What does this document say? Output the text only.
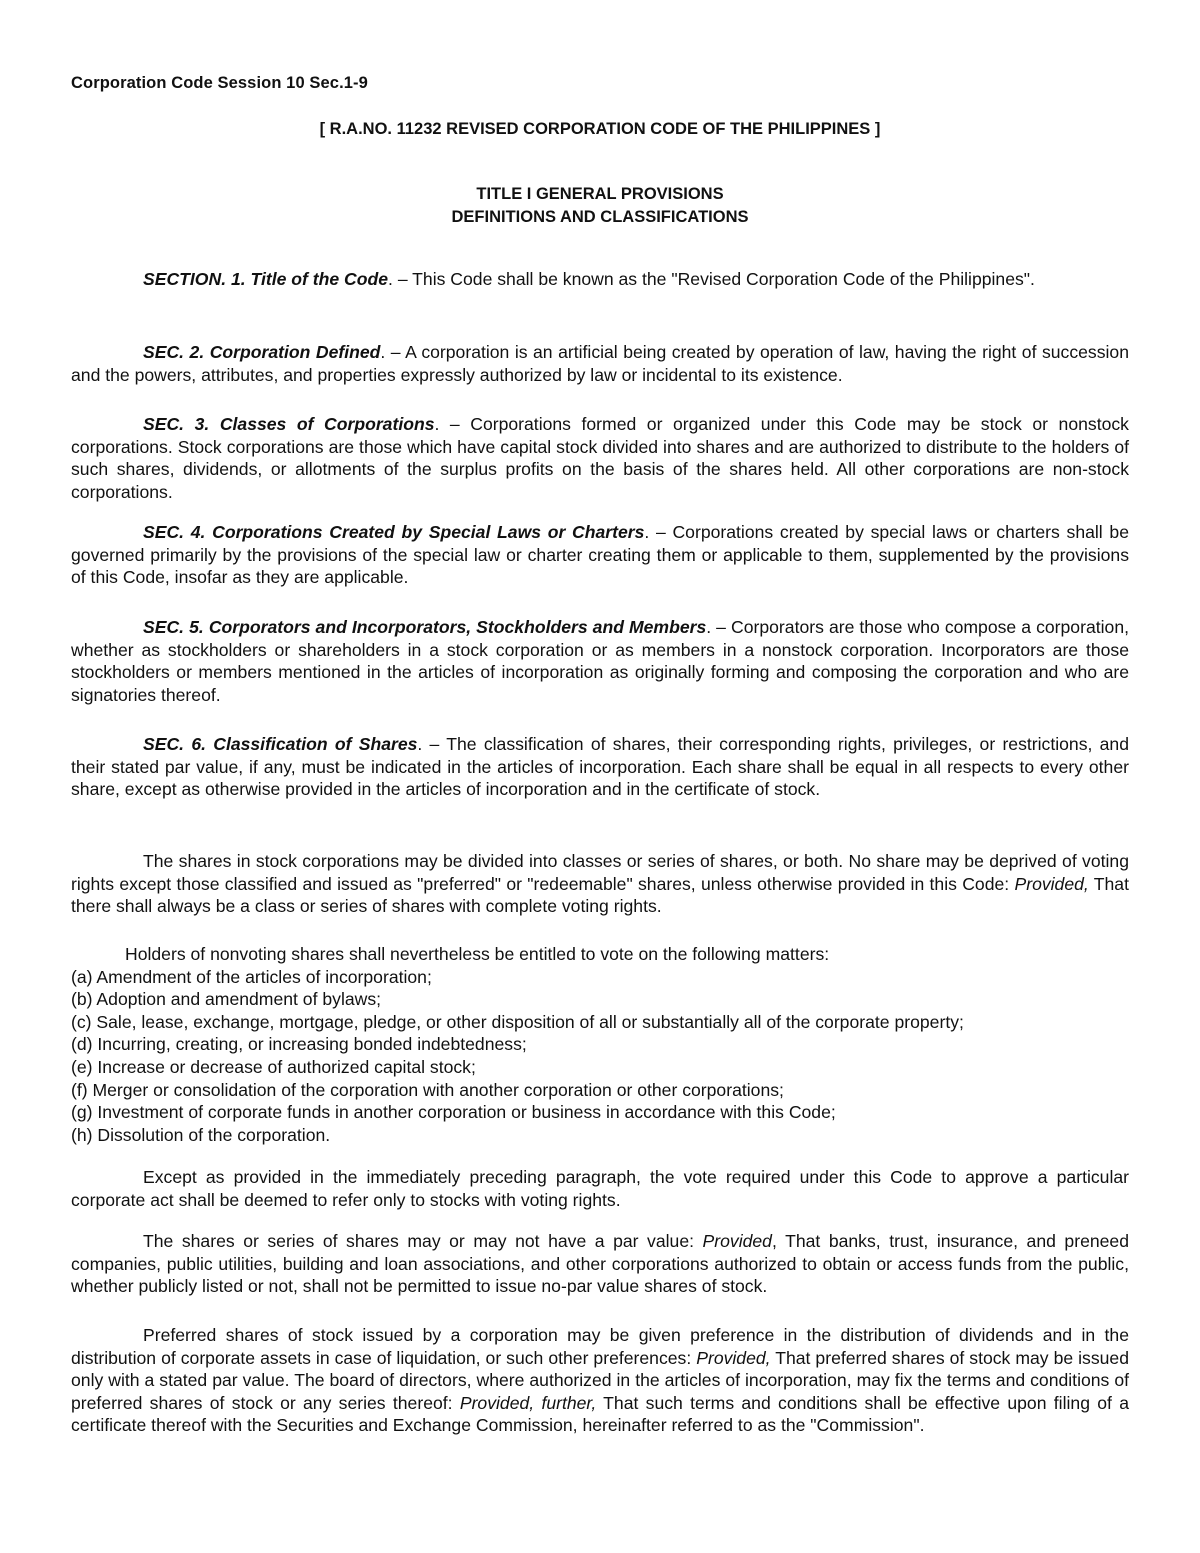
Corporation Code Session 10 Sec.1-9
[ R.A.NO. 11232 REVISED CORPORATION CODE OF THE PHILIPPINES ]
TITLE I GENERAL PROVISIONS
DEFINITIONS AND CLASSIFICATIONS

SECTION. 1. Title of the Code. – This Code shall be known as the "Revised Corporation Code of the Philippines".

SEC. 2. Corporation Defined. – A corporation is an artificial being created by operation of law, having the right of succession and the powers, attributes, and properties expressly authorized by law or incidental to its existence.

SEC. 3. Classes of Corporations. – Corporations formed or organized under this Code may be stock or nonstock corporations. Stock corporations are those which have capital stock divided into shares and are authorized to distribute to the holders of such shares, dividends, or allotments of the surplus profits on the basis of the shares held. All other corporations are non-stock corporations.

SEC. 4. Corporations Created by Special Laws or Charters. – Corporations created by special laws or charters shall be governed primarily by the provisions of the special law or charter creating them or applicable to them, supplemented by the provisions of this Code, insofar as they are applicable.

SEC. 5. Corporators and Incorporators, Stockholders and Members. – Corporators are those who compose a corporation, whether as stockholders or shareholders in a stock corporation or as members in a nonstock corporation. Incorporators are those stockholders or members mentioned in the articles of incorporation as originally forming and composing the corporation and who are signatories thereof.

SEC. 6. Classification of Shares. – The classification of shares, their corresponding rights, privileges, or restrictions, and their stated par value, if any, must be indicated in the articles of incorporation. Each share shall be equal in all respects to every other share, except as otherwise provided in the articles of incorporation and in the certificate of stock.

The shares in stock corporations may be divided into classes or series of shares, or both. No share may be deprived of voting rights except those classified and issued as "preferred" or "redeemable" shares, unless otherwise provided in this Code: Provided, That there shall always be a class or series of shares with complete voting rights.

Holders of nonvoting shares shall nevertheless be entitled to vote on the following matters:
(a) Amendment of the articles of incorporation;
(b) Adoption and amendment of bylaws;
(c) Sale, lease, exchange, mortgage, pledge, or other disposition of all or substantially all of the corporate property;
(d) Incurring, creating, or increasing bonded indebtedness;
(e) Increase or decrease of authorized capital stock;
(f) Merger or consolidation of the corporation with another corporation or other corporations;
(g) Investment of corporate funds in another corporation or business in accordance with this Code;
(h) Dissolution of the corporation.

Except as provided in the immediately preceding paragraph, the vote required under this Code to approve a particular corporate act shall be deemed to refer only to stocks with voting rights.

The shares or series of shares may or may not have a par value: Provided, That banks, trust, insurance, and preneed companies, public utilities, building and loan associations, and other corporations authorized to obtain or access funds from the public, whether publicly listed or not, shall not be permitted to issue no-par value shares of stock.

Preferred shares of stock issued by a corporation may be given preference in the distribution of dividends and in the distribution of corporate assets in case of liquidation, or such other preferences: Provided, That preferred shares of stock may be issued only with a stated par value. The board of directors, where authorized in the articles of incorporation, may fix the terms and conditions of preferred shares of stock or any series thereof: Provided, further, That such terms and conditions shall be effective upon filing of a certificate thereof with the Securities and Exchange Commission, hereinafter referred to as the "Commission".
